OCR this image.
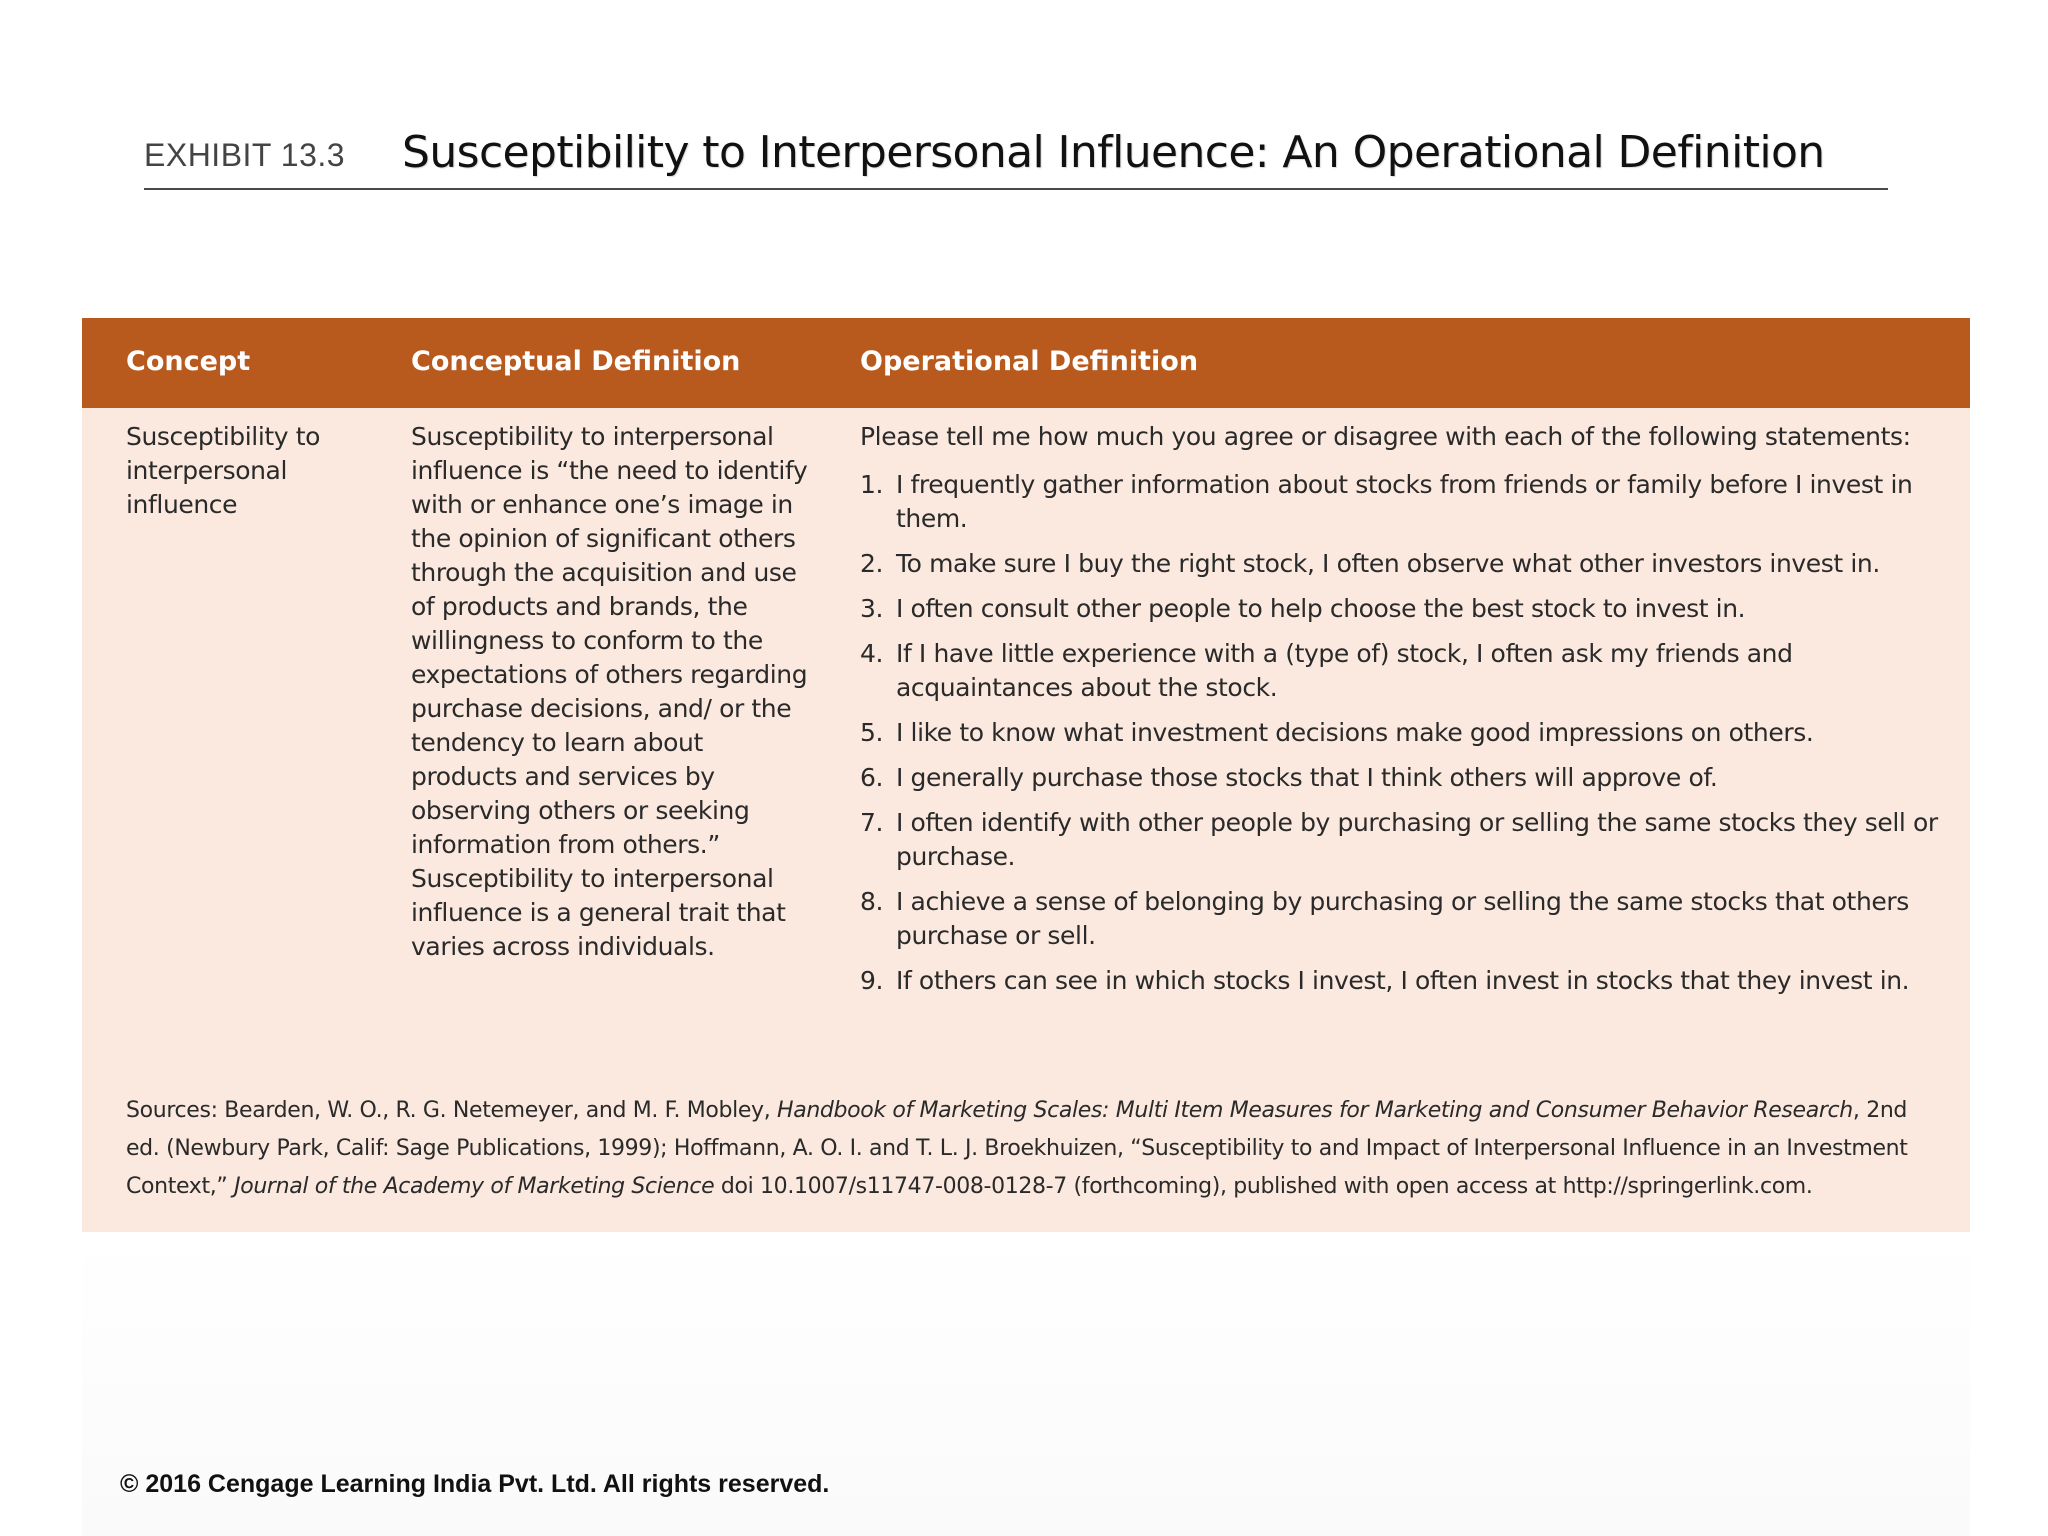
EXHIBIT 13.3 Susceptibility to Interpersonal Influence: An Operational Definition
Concept	Conceptual Definition	Operational Definition
Susceptibility to interpersonal influence
Susceptibility to interpersonal influence is “the need to identify with or enhance one’s image in the opinion of significant others through the acquisition and use of products and brands, the willingness to conform to the expectations of others regarding purchase decisions, and/ or the tendency to learn about products and services by observing others or seeking information from others.” Susceptibility to interpersonal influence is a general trait that varies across individuals.

Please tell me how much you agree or disagree with each of the following statements:

1. I frequently gather information about stocks from friends or family before I invest in them.
2. To make sure I buy the right stock, I often observe what other investors invest in.
3. I often consult other people to help choose the best stock to invest in.
4. If I have little experience with a (type of) stock, I often ask my friends and acquaintances about the stock.
5. I like to know what investment decisions make good impressions on others.
6. I generally purchase those stocks that I think others will approve of.
7. I often identify with other people by purchasing or selling the same stocks they sell or purchase.
8. I achieve a sense of belonging by purchasing or selling the same stocks that others purchase or sell.
9. If others can see in which stocks I invest, I often invest in stocks that they invest in.
Sources: Bearden, W. O., R. G. Netemeyer, and M. F. Mobley, Handbook of Marketing Scales: Multi Item Measures for Marketing and Consumer Behavior Research, 2nd ed. (Newbury Park, Calif: Sage Publications, 1999); Hoffmann, A. O. I. and T. L. J. Broekhuizen, “Susceptibility to and Impact of Interpersonal Influence in an Investment Context,” Journal of the Academy of Marketing Science doi 10.1007/s11747-008-0128-7 (forthcoming), published with open access at http://springerlink.com.
© 2016 Cengage Learning India Pvt. Ltd. All rights reserved.
